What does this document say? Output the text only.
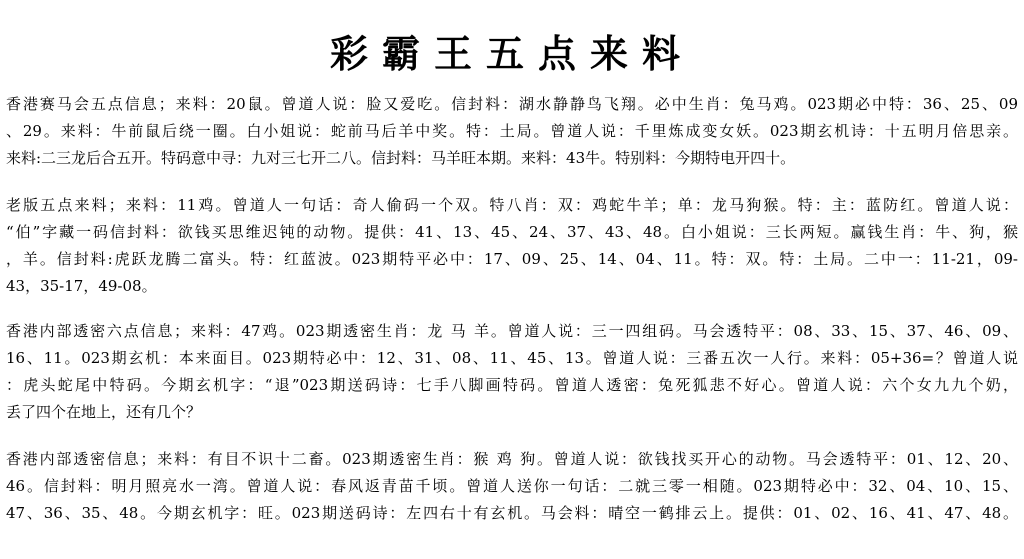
彩霸王五点来料
香港赛马会五点信息；来料：20鼠。曾道人说：脸又爱吃。信封料：湖水静静鸟飞翔。必中生肖：兔马鸡。023期必中特：36、25、09
、29。来料：牛前鼠后绕一圈。白小姐说：蛇前马后羊中奖。特：土局。曾道人说：千里炼成变女妖。023期玄机诗：十五明月倍思亲。
来料:二三龙后合五开。特码意中寻：九对三七开二八。信封料：马羊旺本期。来料：43牛。特别料：今期特电开四十。
老版五点来料；来料：11鸡。曾道人一句话：奇人偷码一个双。特八肖：双：鸡蛇牛羊；单：龙马狗猴。特：主：蓝防红。曾道人说：
“伯”字藏一码信封料：欲钱买思维迟钝的动物。提供：41、13、45、24、37、43、48。白小姐说：三长两短。赢钱生肖：牛、狗，猴
，羊。信封料:虎跃龙腾二富头。特：红蓝波。023期特平必中：17、09、25、14、04、11。特：双。特：土局。二中一：11-21，09-
43，35-17，49-08。
香港内部透密六点信息；来料：47鸡。023期透密生肖：龙 马 羊。曾道人说：三一四组码。马会透特平：08、33、15、37、46、09、
16、11。023期玄机：本来面目。023期特必中：12、31、08、11、45、13。曾道人说：三番五次一人行。来料：05+36=？曾道人说
：虎头蛇尾中特码。今期玄机字：“退”023期送码诗：七手八脚画特码。曾道人透密：兔死狐悲不好心。曾道人说：六个女九九个奶，
丢了四个在地上，还有几个？
香港内部透密信息；来料：有目不识十二畜。023期透密生肖：猴 鸡 狗。曾道人说：欲钱找买开心的动物。马会透特平：01、12、20、
46。信封料：明月照亮水一湾。曾道人说：春风返青苗千顷。曾道人送你一句话：二就三零一相随。023期特必中：32、04、10、15、
47、36、35、48。今期玄机字：旺。023期送码诗：左四右十有玄机。马会料：晴空一鹤排云上。提供：01、02、16、41、47、48。
